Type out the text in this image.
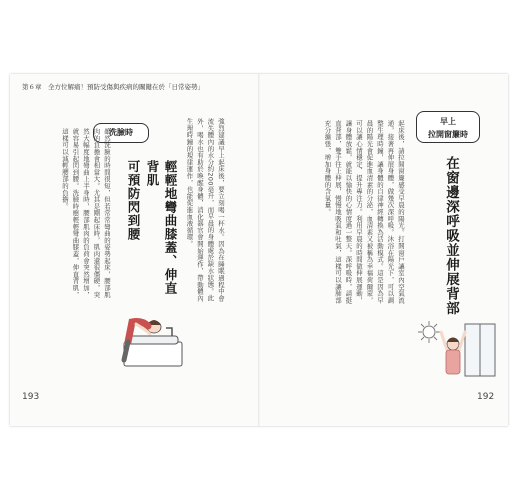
第６章　全方位解痛！預防受傷與疾病的關鍵在於「日常姿勢」
強烈建議早上起床後，要立刻喝一杯水。因為在睡眠過程中會流失體內的水分約200毫升，而早晨的身體處於缺水狀態。此外，喝水也有助於喚醒身體，消化器官會開始運作，帶動體內生理時鐘的規律運作，也能促進血液循環。
洗臉時
輕輕地彎曲膝蓋、伸直背肌
可預防閃到腰
雖然洗臉的時間很短，但若常常彎曲的姿勢起床，腰部肌肉的負擔會相當大。尤其是剛起床時，肌肉還很僵硬，突然大幅度地彎曲上半身時，腰部肌肉的負荷會突然增加，就容易引起閃到腰。洗臉時應輕輕彎曲膝蓋，伸直背肌，這樣可以減輕腰部的負擔。
193
早上
拉開窗簾時
在窗邊深呼吸並伸展背部
起床後，請拉開窗簾感受早晨的陽光。打開窗戶讓室內空氣流通，接著再伸展身體，做幾次深呼吸。沐浴在陽光下，可以調整生理時鐘，讓身體的自律神經轉換為活動模式。這是因為早晨的陽光會促進血清素的分泌，血清素又被稱為幸福荷爾蒙，可以讓心情穩定、提升專注力。利用早晨的時間做伸展運動，讓身體放鬆，就能以愉快的心情度過一整天。深呼吸時，請挺直背部，雙手往上伸展，慢慢地吸氣和吐氣，這樣可以讓肺部充分擴張，增加身體的含氧量。
192
